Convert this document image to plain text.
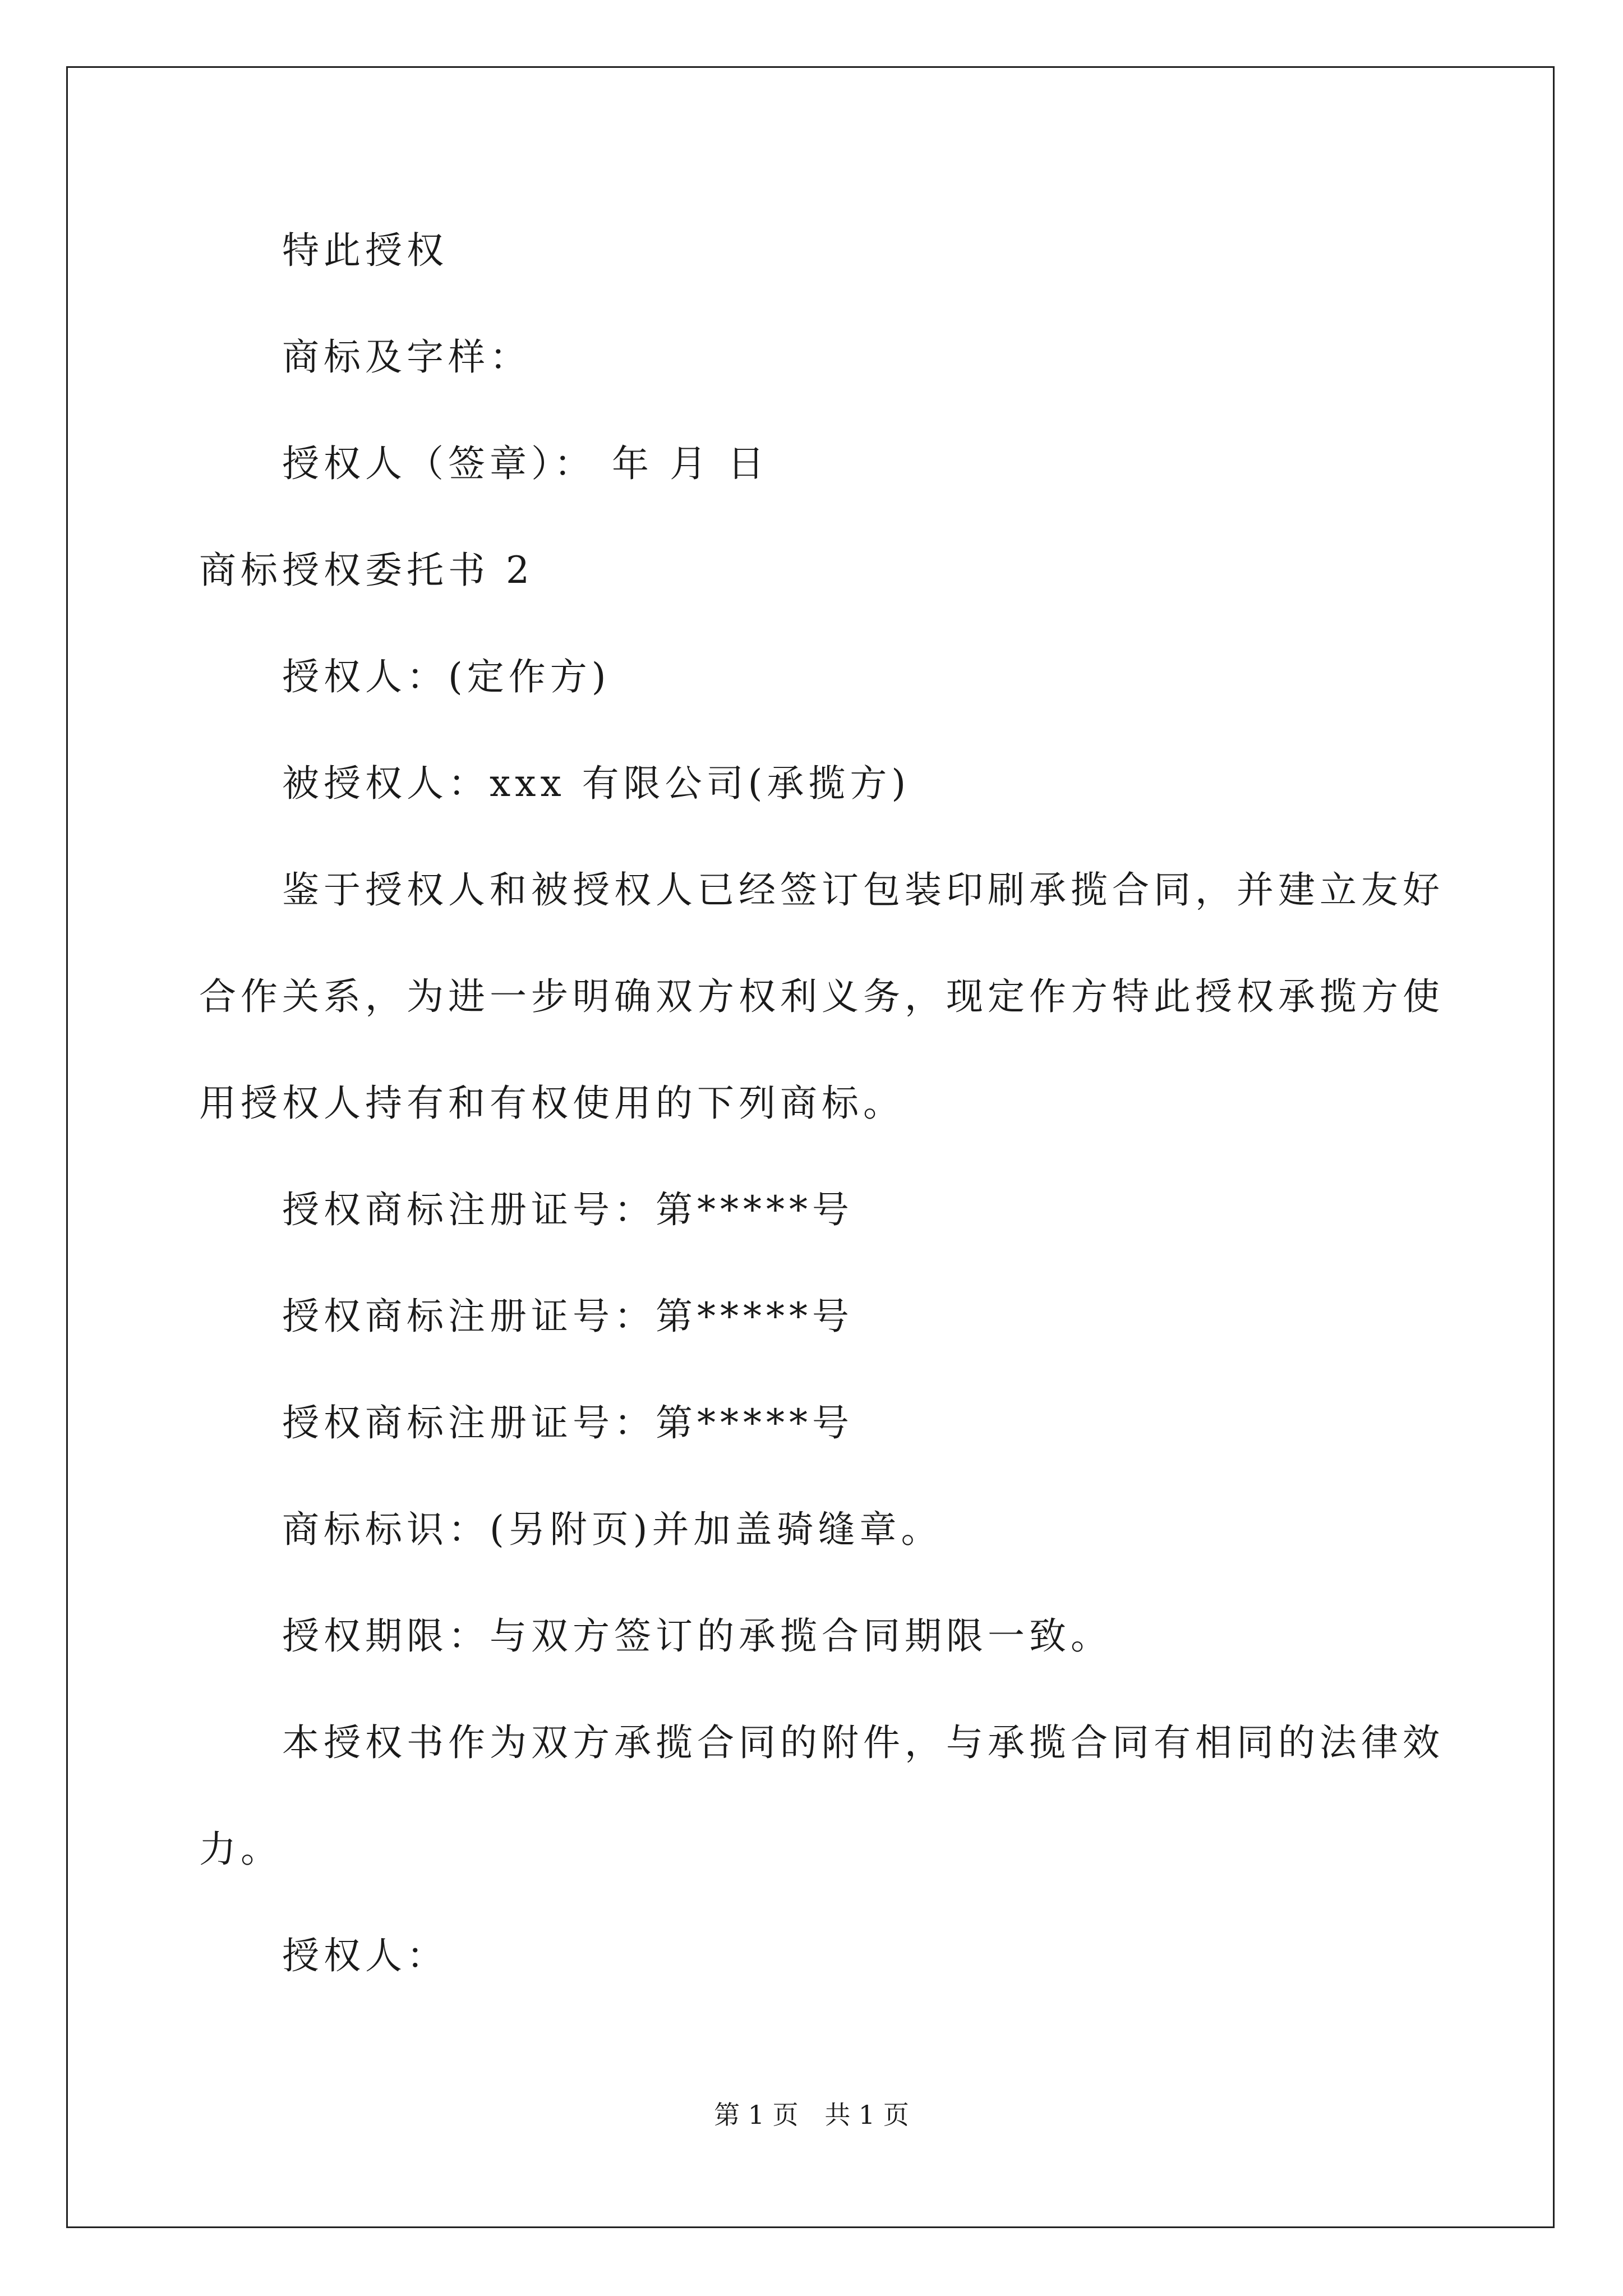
特此授权
商标及字样：
授权人（签章）： 年 月 日
商标授权委托书 2
授权人：(定作方)
被授权人：xxx 有限公司(承揽方)
鉴于授权人和被授权人已经签订包装印刷承揽合同，并建立友好
合作关系，为进一步明确双方权利义务，现定作方特此授权承揽方使
用授权人持有和有权使用的下列商标。
授权商标注册证号：第*****号
授权商标注册证号：第*****号
授权商标注册证号：第*****号
商标标识：(另附页)并加盖骑缝章。
授权期限：与双方签订的承揽合同期限一致。
本授权书作为双方承揽合同的附件，与承揽合同有相同的法律效
力。
授权人：
第 1 页 共 1 页
